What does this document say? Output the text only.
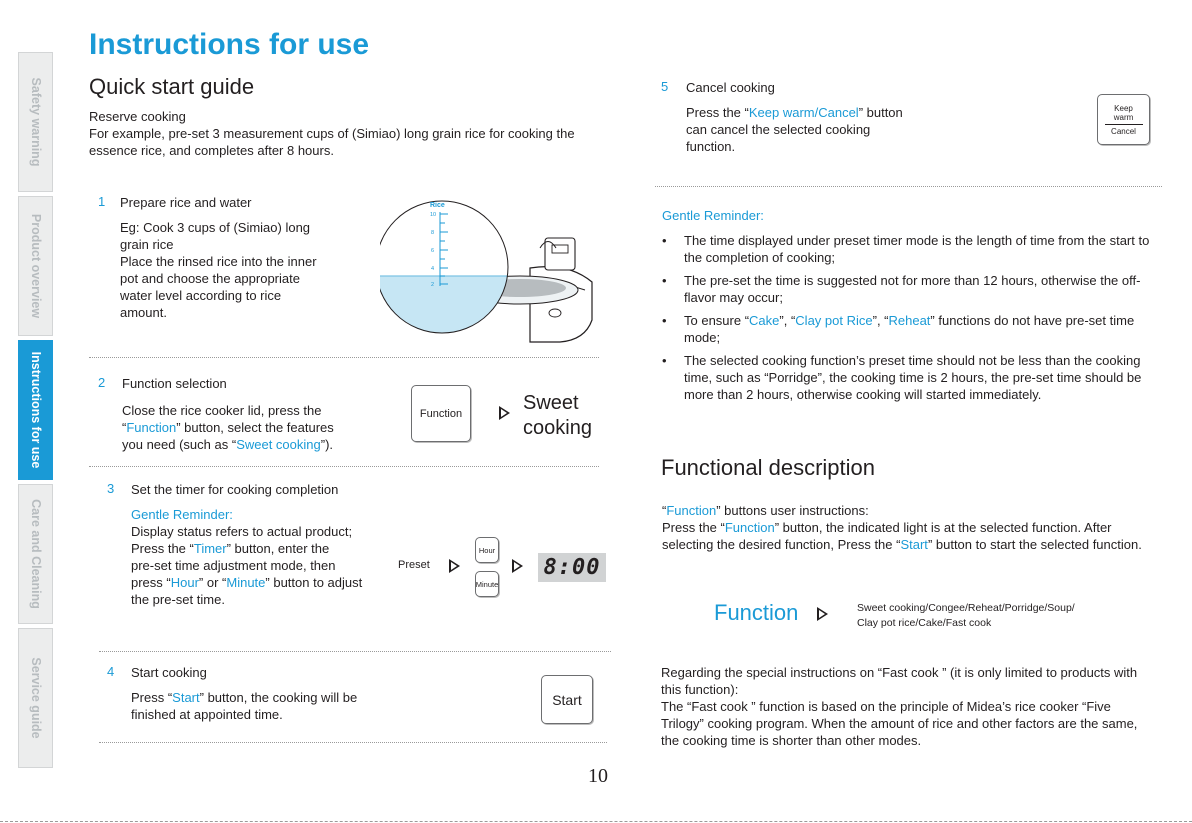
Safety warning
Product overview
Instructions for use
Care and Cleaning
Service guide
Instructions for use
Quick start guide
Reserve cooking
For example, pre-set 3 measurement cups of (Simiao) long grain rice for cooking the essence rice, and completes after 8 hours.
1 Prepare rice and water
Eg: Cook 3 cups of (Simiao) long
grain rice
Place the rinsed rice into the inner
pot and choose the appropriate
water level according to rice
amount.
Rice
10
8
6
4
2
2 Function selection
Close the rice cooker lid, press the
“Function” button, select the features
you need (such as “Sweet cooking”).
Function	Sweet
cooking
3 Set the timer for cooking completion
Gentle Reminder:
Display status refers to actual product;
Press the “Timer” button, enter the
pre-set time adjustment mode, then
press “Hour” or “Minute” button to adjust
the pre-set time.
Preset
Hour
Minute
8:00
4 Start cooking
Press “Start” button, the cooking will be
finished at appointed time.
Start
10
5 Cancel cooking
Press the “Keep warm/Cancel” button
can cancel the selected cooking
function.
Keep
warm
Cancel
Gentle Reminder:
• The time displayed under preset timer mode is the length of time from the start to the completion of cooking;
• The pre-set the time is suggested not for more than 12 hours, otherwise the off-flavor may occur;
• To ensure “Cake”, “Clay pot Rice”, “Reheat” functions do not have pre-set time mode;
• The selected cooking function’s preset time should not be less than the cooking time, such as “Porridge”, the cooking time is 2 hours, the pre-set time should be more than 2 hours, otherwise cooking will started immediately.
Functional description
“Function” buttons user instructions:
Press the “Function” button, the indicated light is at the selected function. After selecting the desired function, Press the “Start” button to start the selected function.
Function	Sweet cooking/Congee/Reheat/Porridge/Soup/
Clay pot rice/Cake/Fast cook
Regarding the special instructions on “Fast cook ” (it is only limited to products with this function):
The “Fast cook ” function is based on the principle of Midea’s rice cooker “Five Trilogy” cooking program. When the amount of rice and other factors are the same, the cooking time is shorter than other modes.
